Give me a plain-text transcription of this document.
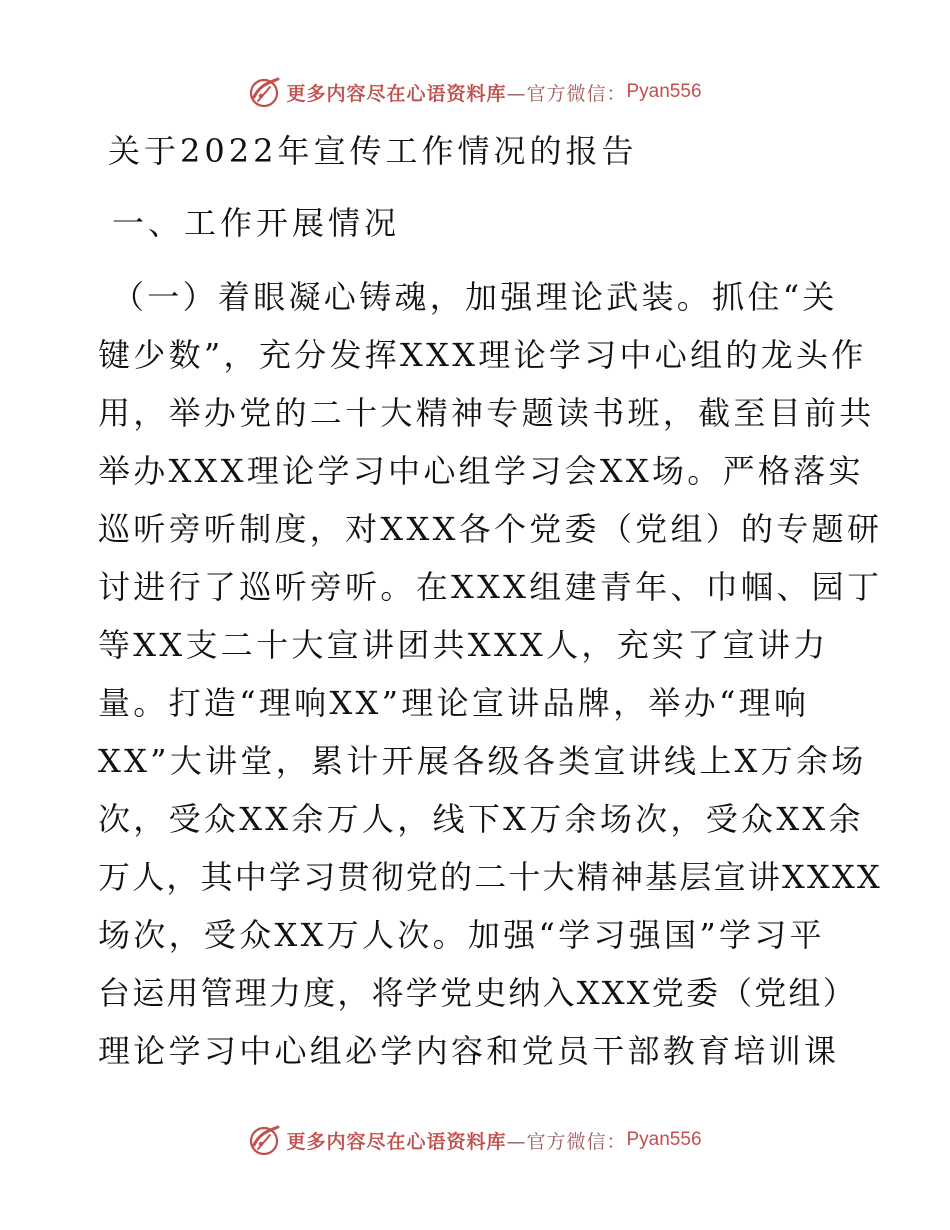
更多内容尽在心语资料库 —官方微信： Pyan556
关于2022年宣传工作情况的报告
一、工作开展情况
（一）着眼凝心铸魂，加强理论武装。抓住“关
键少数”，充分发挥XXX理论学习中心组的龙头作
用，举办党的二十大精神专题读书班，截至目前共
举办XXX理论学习中心组学习会XX场。严格落实
巡听旁听制度，对XXX各个党委（党组）的专题研
讨进行了巡听旁听。在XXX组建青年、巾帼、园丁
等XX支二十大宣讲团共XXX人，充实了宣讲力
量。打造“理响XX”理论宣讲品牌，举办“理响
XX”大讲堂，累计开展各级各类宣讲线上X万余场
次，受众XX余万人，线下X万余场次，受众XX余
万人，其中学习贯彻党的二十大精神基层宣讲XXXX
场次，受众XX万人次。加强“学习强国”学习平
台运用管理力度，将学党史纳入XXX党委（党组）
理论学习中心组必学内容和党员干部教育培训课
更多内容尽在心语资料库 —官方微信： Pyan556
